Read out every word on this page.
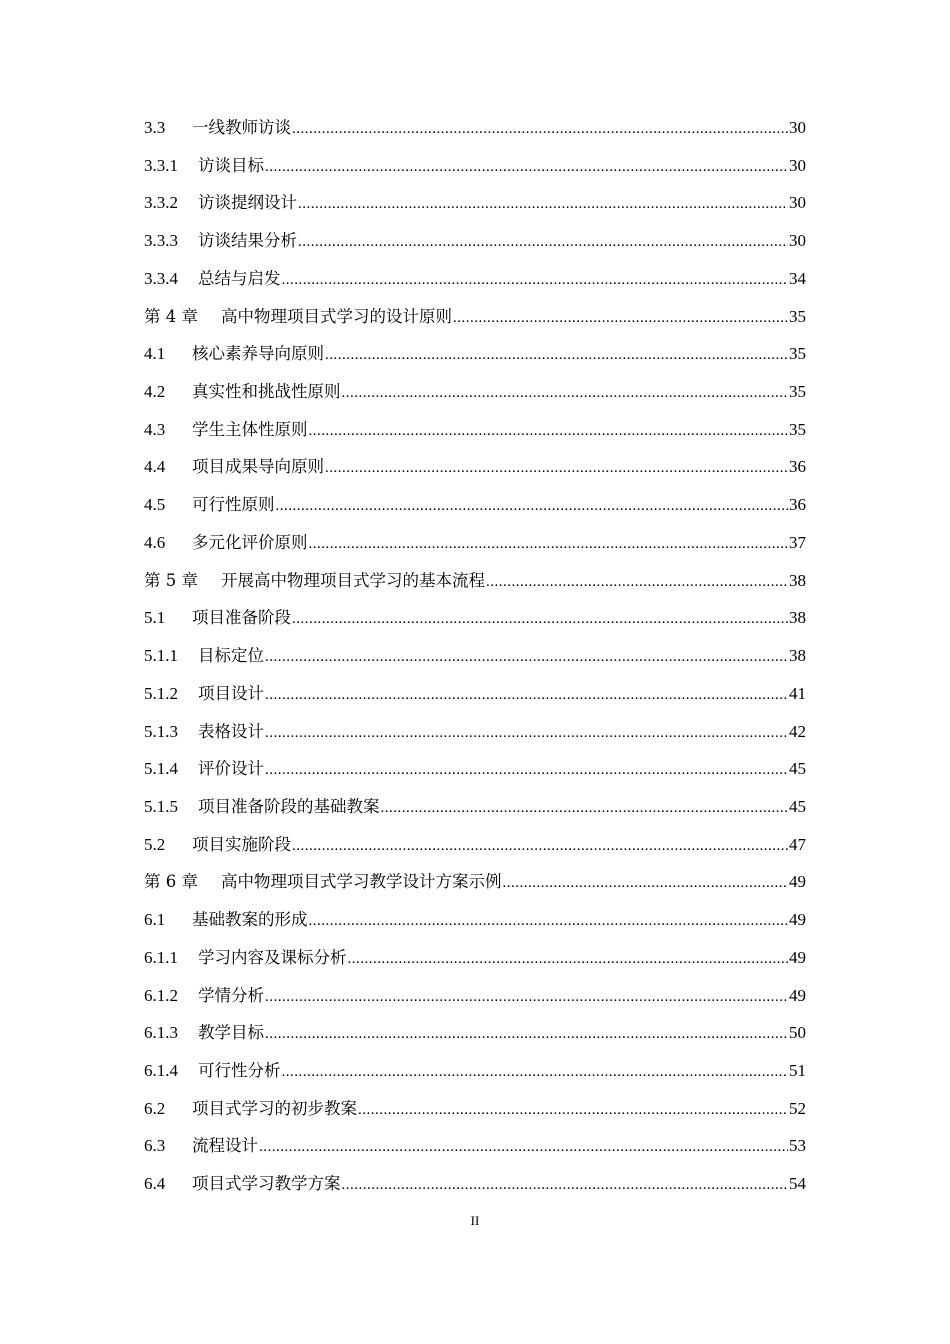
3.3	一线教师访谈 .....	30
3.3.1	访谈目标 .....	30
3.3.2	访谈提纲设计 .....	30
3.3.3	访谈结果分析 .....	30
3.3.4	总结与启发 .....	34
第 4 章	高中物理项目式学习的设计原则 .....	35
4.1	核心素养导向原则 .....	35
4.2	真实性和挑战性原则 .....	35
4.3	学生主体性原则 .....	35
4.4	项目成果导向原则 .....	36
4.5	可行性原则 .....	36
4.6	多元化评价原则 .....	37
第 5 章	开展高中物理项目式学习的基本流程 .....	38
5.1	项目准备阶段 .....	38
5.1.1	目标定位 .....	38
5.1.2	项目设计 .....	41
5.1.3	表格设计 .....	42
5.1.4	评价设计 .....	45
5.1.5	项目准备阶段的基础教案 .....	45
5.2	项目实施阶段 .....	47
第 6 章	高中物理项目式学习教学设计方案示例 .....	49
6.1	基础教案的形成 .....	49
6.1.1	学习内容及课标分析 .....	49
6.1.2	学情分析 .....	49
6.1.3	教学目标 .....	50
6.1.4	可行性分析 .....	51
6.2	项目式学习的初步教案 .....	52
6.3	流程设计 .....	53
6.4	项目式学习教学方案 .....	54
II
